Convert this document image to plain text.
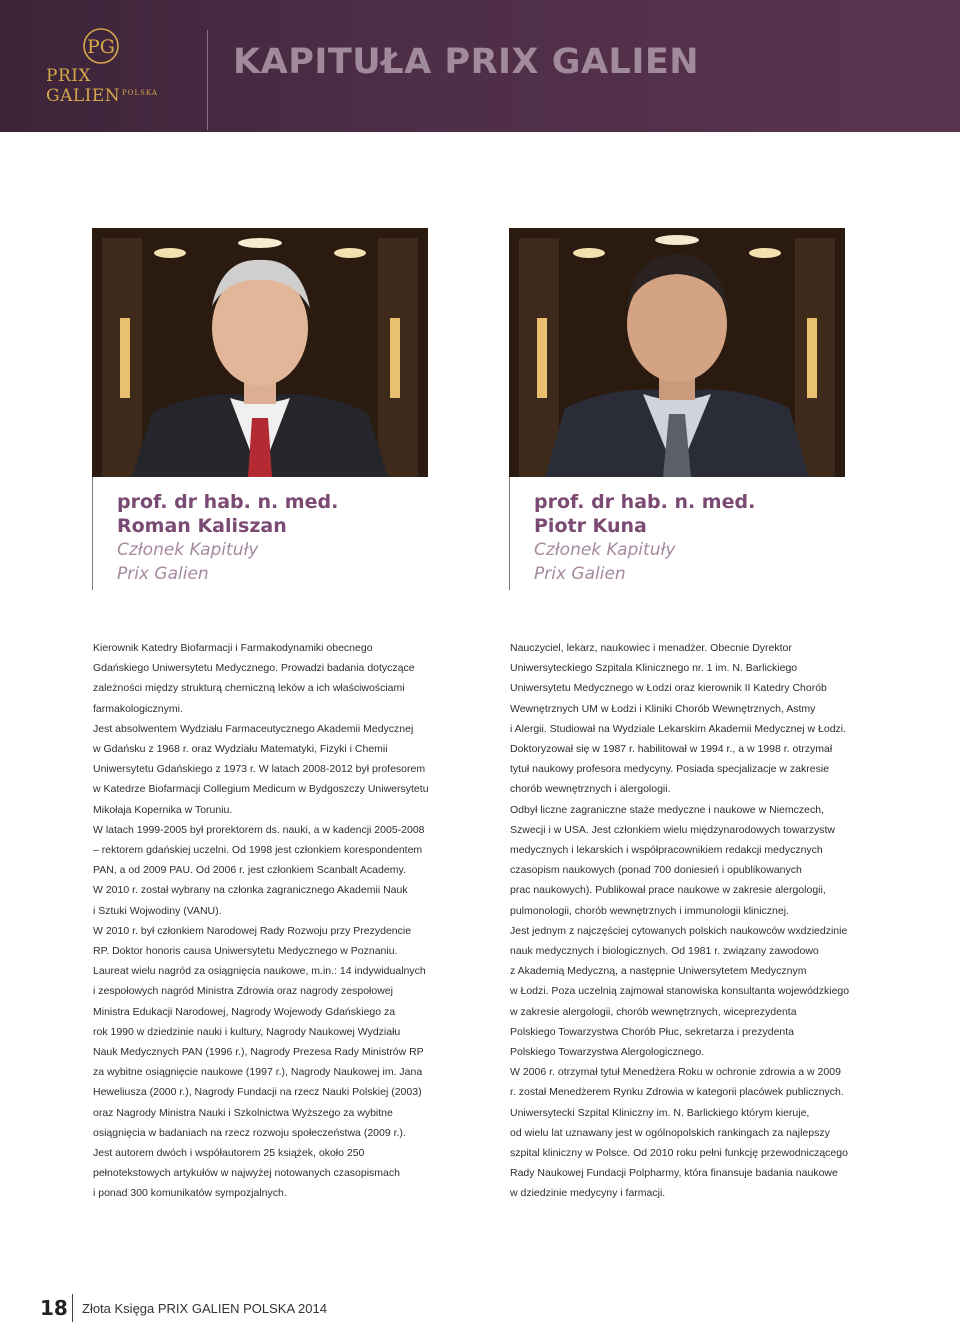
PG
PRIX GALIEN POLSKA
KAPITUŁA PRIX GALIEN
prof. dr hab. n. med.
Roman Kaliszan
Członek Kapituły
Prix Galien
Kierownik Katedry Biofarmacji i Farmakodynamiki obecnego
Gdańskiego Uniwersytetu Medycznego. Prowadzi badania dotyczące
zależności między strukturą chemiczną leków a ich właściwościami
farmakologicznymi.
Jest absolwentem Wydziału Farmaceutycznego Akademii Medycznej
w Gdańsku z 1968 r. oraz Wydziału Matematyki, Fizyki i Chemii
Uniwersytetu Gdańskiego z 1973 r. W latach 2008-2012 był profesorem
w Katedrze Biofarmacji Collegium Medicum w Bydgoszczy Uniwersytetu
Mikołaja Kopernika w Toruniu.
W latach 1999-2005 był prorektorem ds. nauki, a w kadencji 2005-2008
– rektorem gdańskiej uczelni. Od 1998 jest członkiem korespondentem
PAN, a od 2009 PAU. Od 2006 r. jest członkiem Scanbalt Academy.
W 2010 r. został wybrany na członka zagranicznego Akademii Nauk
i Sztuki Wojwodiny (VANU).
W 2010 r. był członkiem Narodowej Rady Rozwoju przy Prezydencie
RP. Doktor honoris causa Uniwersytetu Medycznego w Poznaniu.
Laureat wielu nagród za osiągnięcia naukowe, m.in.: 14 indywidualnych
i zespołowych nagród Ministra Zdrowia oraz nagrody zespołowej
Ministra Edukacji Narodowej, Nagrody Wojewody Gdańskiego za
rok 1990 w dziedzinie nauki i kultury, Nagrody Naukowej Wydziału
Nauk Medycznych PAN (1996 r.), Nagrody Prezesa Rady Ministrów RP
za wybitne osiągnięcie naukowe (1997 r.), Nagrody Naukowej im. Jana
Heweliusza (2000 r.), Nagrody Fundacji na rzecz Nauki Polskiej (2003)
oraz Nagrody Ministra Nauki i Szkolnictwa Wyższego za wybitne
osiągnięcia w badaniach na rzecz rozwoju społeczeństwa (2009 r.).
Jest autorem dwóch i współautorem 25 książek, około 250
pełnotekstowych artykułów w najwyżej notowanych czasopismach
i ponad 300 komunikatów sympozjalnych.
prof. dr hab. n. med.
Piotr Kuna
Członek Kapituły
Prix Galien
Nauczyciel, lekarz, naukowiec i menadżer. Obecnie Dyrektor
Uniwersyteckiego Szpitala Klinicznego nr. 1 im. N. Barlickiego
Uniwersytetu Medycznego w Łodzi oraz kierownik II Katedry Chorób
Wewnętrznych UM w Łodzi i Kliniki Chorób Wewnętrznych, Astmy
i Alergii. Studiował na Wydziale Lekarskim Akademii Medycznej w Łodzi.
Doktoryzował się w 1987 r. habilitował w 1994 r., a w 1998 r. otrzymał
tytuł naukowy profesora medycyny. Posiada specjalizacje w zakresie
chorób wewnętrznych i alergologii.
Odbył liczne zagraniczne staże medyczne i naukowe w Niemczech,
Szwecji i w USA. Jest członkiem wielu międzynarodowych towarzystw
medycznych i lekarskich i współpracownikiem redakcji medycznych
czasopism naukowych (ponad 700 doniesień i opublikowanych
prac naukowych). Publikował prace naukowe w zakresie alergologii,
pulmonologii, chorób wewnętrznych i immunologii klinicznej.
Jest jednym z najczęściej cytowanych polskich naukowców wxdziedzinie
nauk medycznych i biologicznych. Od 1981 r. związany zawodowo
z Akademią Medyczną, a następnie Uniwersytetem Medycznym
w Łodzi. Poza uczelnią zajmował stanowiska konsultanta wojewódzkiego
w zakresie alergologii, chorób wewnętrznych, wiceprezydenta
Polskiego Towarzystwa Chorób Płuc, sekretarza i prezydenta
Polskiego Towarzystwa Alergologicznego.
W 2006 r. otrzymał tytuł Menedżera Roku w ochronie zdrowia a w 2009
r. został Menedżerem Rynku Zdrowia w kategorii placówek publicznych.
Uniwersytecki Szpital Kliniczny im. N. Barlickiego którym kieruje,
od wielu lat uznawany jest w ogólnopolskich rankingach za najlepszy
szpital kliniczny w Polsce. Od 2010 roku pełni funkcję przewodniczącego
Rady Naukowej Fundacji Polpharmy, która finansuje badania naukowe
w dziedzinie medycyny i farmacji.
18 Złota Księga PRIX GALIEN POLSKA 2014
